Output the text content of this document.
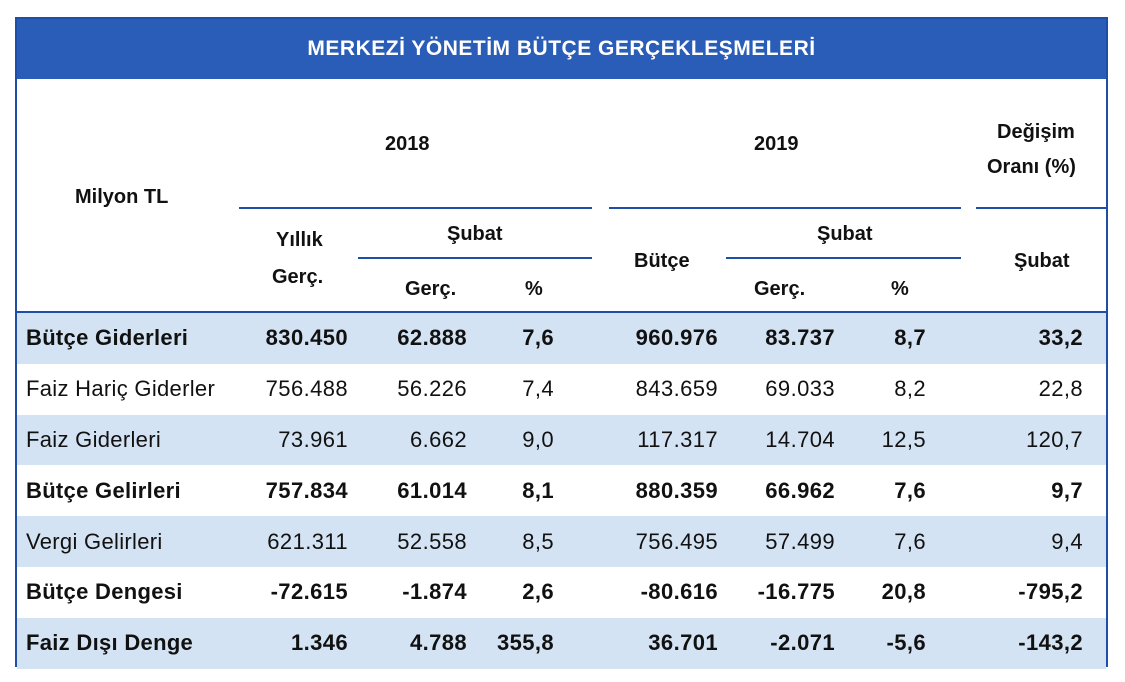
MERKEZİ YÖNETİM BÜTÇE GERÇEKLEŞMELERİ
Milyon TL
2018	2019
Değişim
Oranı (%)
Yıllık
Gerç.
Şubat
Gerç.	%
Bütçe
Şubat
Gerç.	%
Şubat
Bütçe Giderleri	830.450	62.888	7,6	960.976	83.737	8,7	33,2
Faiz Hariç Giderler	756.488	56.226	7,4	843.659	69.033	8,2	22,8
Faiz Giderleri	73.961	6.662	9,0	117.317	14.704	12,5	120,7
Bütçe Gelirleri	757.834	61.014	8,1	880.359	66.962	7,6	9,7
Vergi Gelirleri	621.311	52.558	8,5	756.495	57.499	7,6	9,4
Bütçe Dengesi	-72.615	-1.874	2,6	-80.616	-16.775	20,8	-795,2
Faiz Dışı Denge	1.346	4.788	355,8	36.701	-2.071	-5,6	-143,2
